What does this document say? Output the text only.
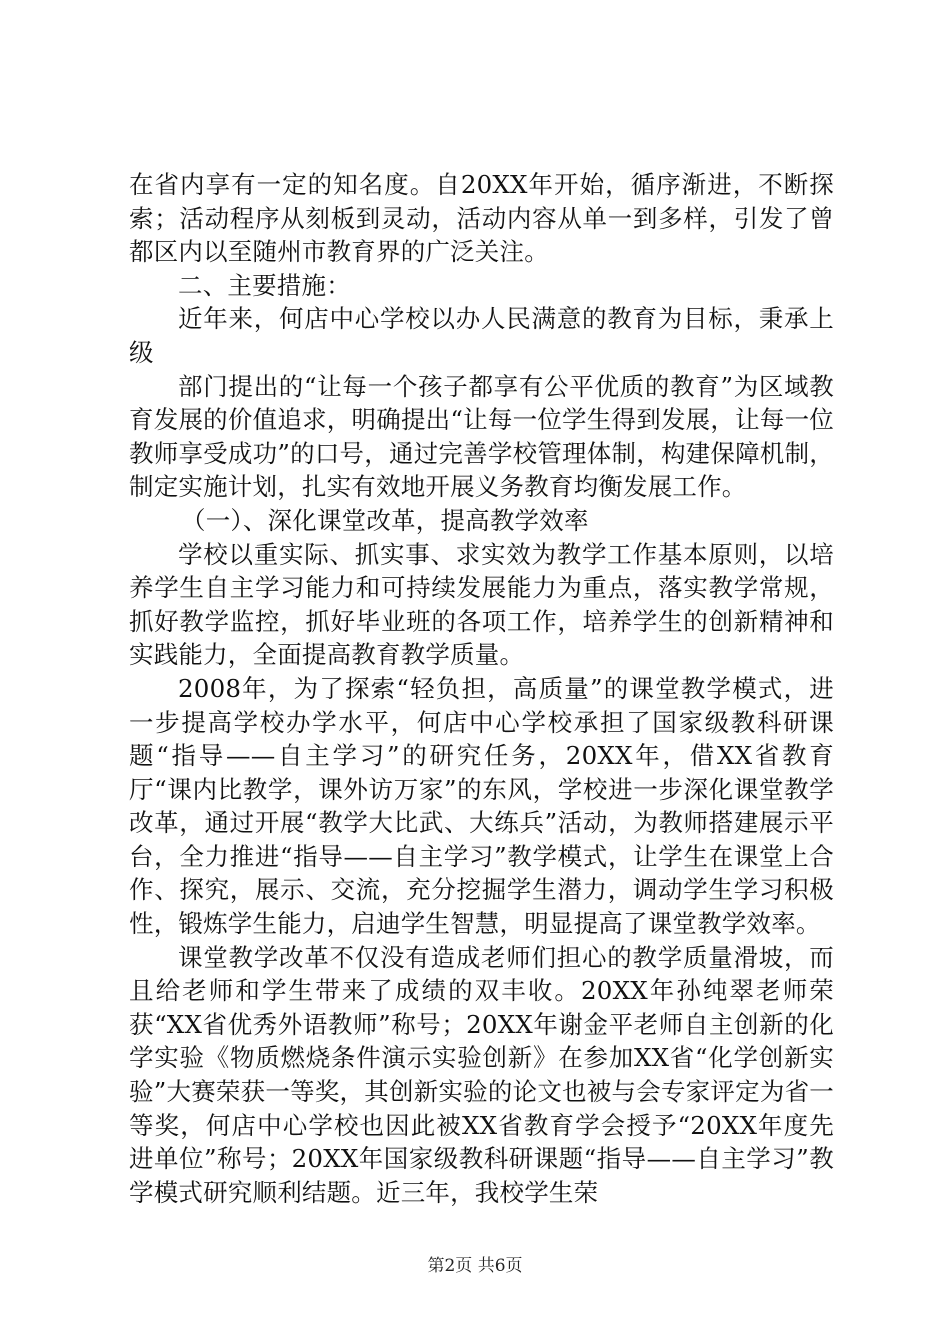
在省内享有一定的知名度。自20XX年开始，循序渐进，不断探索；活动程序从刻板到灵动，活动内容从单一到多样，引发了曾都区内以至随州市教育界的广泛关注。

二、主要措施：

近年来，何店中心学校以办人民满意的教育为目标，秉承上级

部门提出的“让每一个孩子都享有公平优质的教育”为区域教育发展的价值追求，明确提出“让每一位学生得到发展，让每一位教师享受成功”的口号，通过完善学校管理体制，构建保障机制，制定实施计划，扎实有效地开展义务教育均衡发展工作。

（一）、深化课堂改革，提高教学效率

学校以重实际、抓实事、求实效为教学工作基本原则，以培养学生自主学习能力和可持续发展能力为重点，落实教学常规，抓好教学监控，抓好毕业班的各项工作，培养学生的创新精神和实践能力，全面提高教育教学质量。

2008年，为了探索“轻负担，高质量”的课堂教学模式，进一步提高学校办学水平，何店中心学校承担了国家级教科研课题“指导——自主学习”的研究任务，20XX年，借XX省教育厅“课内比教学，课外访万家”的东风，学校进一步深化课堂教学改革，通过开展“教学大比武、大练兵”活动，为教师搭建展示平台，全力推进“指导——自主学习”教学模式，让学生在课堂上合作、探究，展示、交流，充分挖掘学生潜力，调动学生学习积极性，锻炼学生能力，启迪学生智慧，明显提高了课堂教学效率。

课堂教学改革不仅没有造成老师们担心的教学质量滑坡，而且给老师和学生带来了成绩的双丰收。20XX年孙纯翠老师荣获“XX省优秀外语教师”称号；20XX年谢金平老师自主创新的化学实验《物质燃烧条件演示实验创新》在参加XX省“化学创新实验”大赛荣获一等奖，其创新实验的论文也被与会专家评定为省一等奖，何店中心学校也因此被XX省教育学会授予“20XX年度先进单位”称号；20XX年国家级教科研课题“指导——自主学习”教学模式研究顺利结题。近三年，我校学生荣

第2页 共6页
